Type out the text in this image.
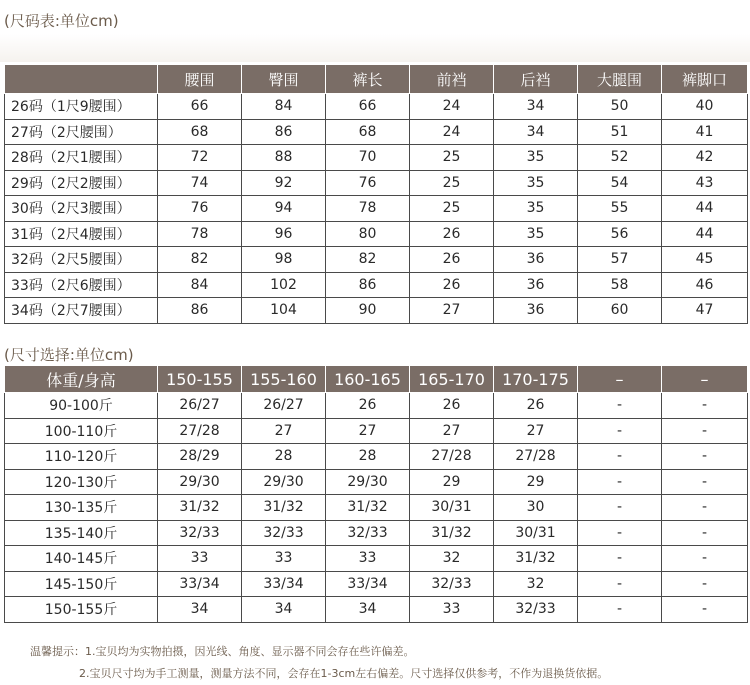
(尺码表:单位cm)
	腰围	臀围	裤长	前裆	后裆	大腿围	裤脚口
26码（1尺9腰围）	66	84	66	24	34	50	40
27码（2尺腰围）	68	86	68	24	34	51	41
28码（2尺1腰围）	72	88	70	25	35	52	42
29码（2尺2腰围）	74	92	76	25	35	54	43
30码（2尺3腰围）	76	94	78	25	35	55	44
31码（2尺4腰围）	78	96	80	26	35	56	44
32码（2尺5腰围）	82	98	82	26	36	57	45
33码（2尺6腰围）	84	102	86	26	36	58	46
34码（2尺7腰围）	86	104	90	27	36	60	47
(尺寸选择:单位cm)
体重/身高	150-155	155-160	160-165	165-170	170-175	–	–
90-100斤	26/27	26/27	26	26	26	-	-
100-110斤	27/28	27	27	27	27	-	-
110-120斤	28/29	28	28	27/28	27/28	-	-
120-130斤	29/30	29/30	29/30	29	29	-	-
130-135斤	31/32	31/32	31/32	30/31	30	-	-
135-140斤	32/33	32/33	32/33	31/32	30/31	-	-
140-145斤	33	33	33	32	31/32	-	-
145-150斤	33/34	33/34	33/34	32/33	32	-	-
150-155斤	34	34	34	33	32/33	-	-
温馨提示：1.宝贝均为实物拍摄，因光线、角度、显示器不同会存在些许偏差。
2.宝贝尺寸均为手工测量，测量方法不同，会存在1-3cm左右偏差。尺寸选择仅供参考，不作为退换货依据。
